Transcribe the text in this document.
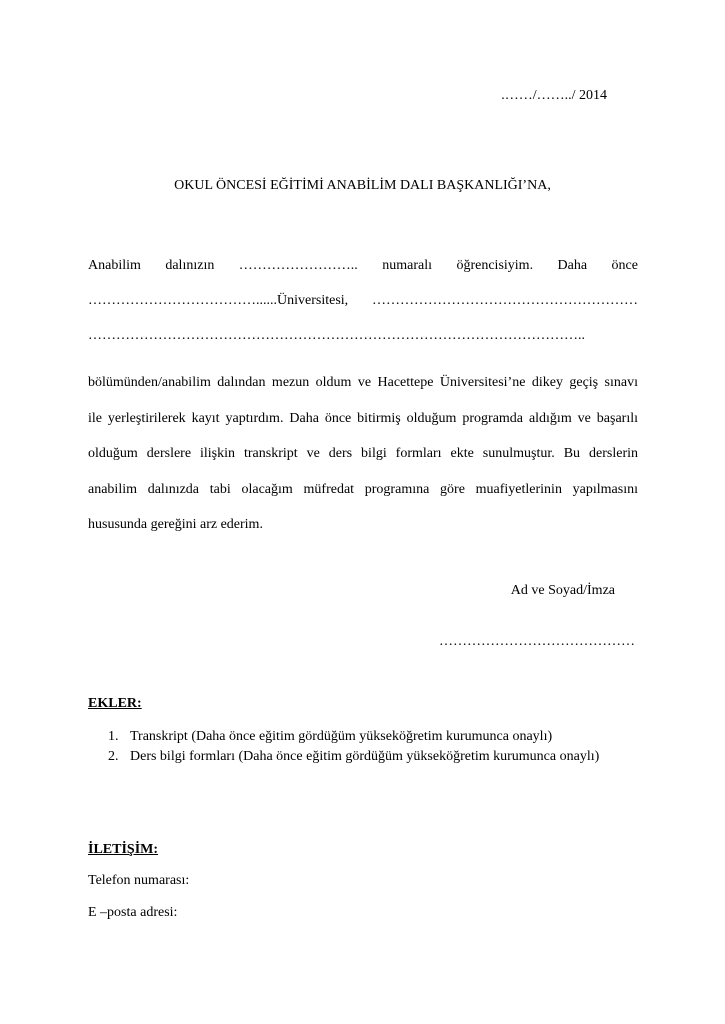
.……/……../ 2014
OKUL ÖNCESİ EĞİTİMİ ANABİLİM DALI BAŞKANLIĞI’NA,
Anabilim dalınızın …………………….. numaralı öğrencisiyim. Daha önce
………………………………......Üniversitesi, …………………………………………………
……………………………………………………………………………………………..
bölümünden/anabilim dalından mezun oldum ve Hacettepe Üniversitesi’ne dikey geçiş sınavı
ile yerleştirilerek kayıt yaptırdım. Daha önce bitirmiş olduğum programda aldığım ve başarılı
olduğum derslere ilişkin transkript ve ders bilgi formları ekte sunulmuştur. Bu derslerin
anabilim dalınızda tabi olacağım müfredat programına göre muafiyetlerinin yapılmasını
hususunda gereğini arz ederim.
Ad ve Soyad/İmza
……………………………………
EKLER:
1. Transkript (Daha önce eğitim gördüğüm yükseköğretim kurumunca onaylı)
2. Ders bilgi formları (Daha önce eğitim gördüğüm yükseköğretim kurumunca onaylı)
İLETİŞİM:
Telefon numarası:
E –posta adresi:
